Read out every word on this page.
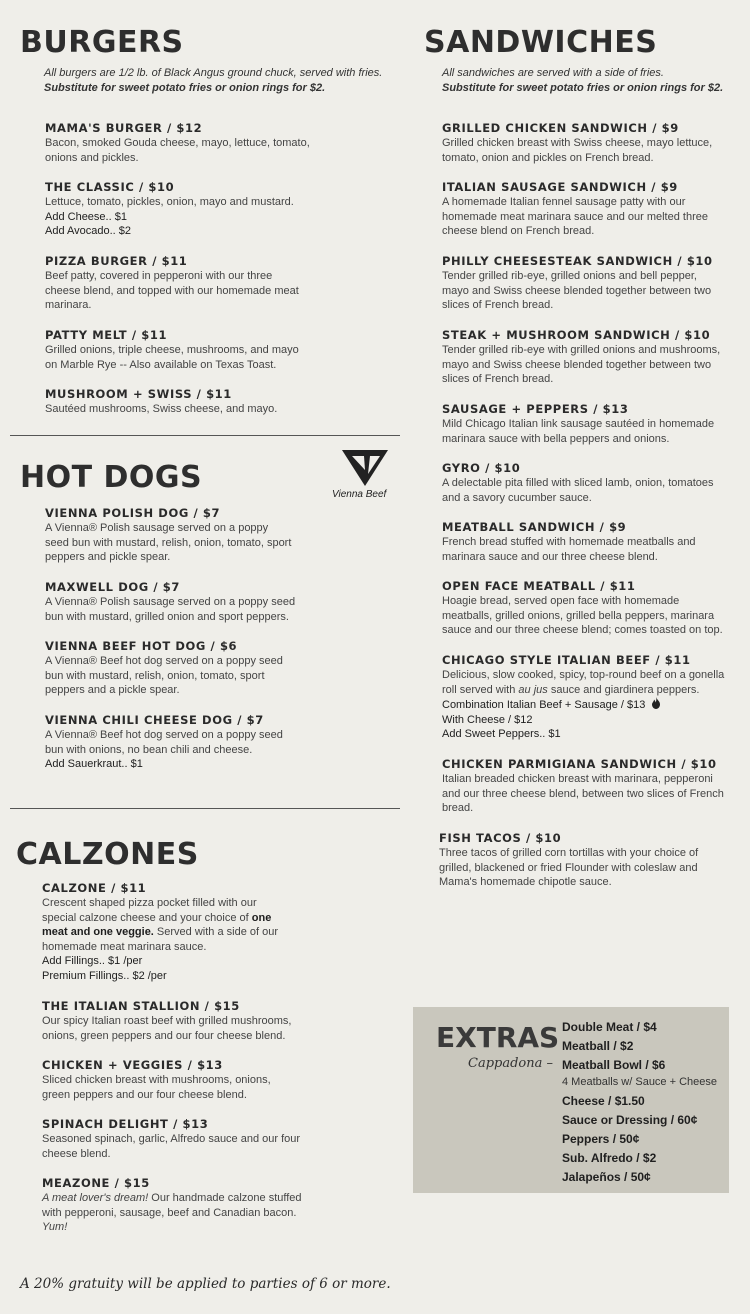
BURGERS
All burgers are 1/2 lb. of Black Angus ground chuck, served with fries.
Substitute for sweet potato fries or onion rings for $2.
MAMA'S BURGER / $12
Bacon, smoked Gouda cheese, mayo, lettuce, tomato, onions and pickles.
THE CLASSIC / $10
Lettuce, tomato, pickles, onion, mayo and mustard.
Add Cheese.. $1
Add Avocado.. $2
PIZZA BURGER / $11
Beef patty, covered in pepperoni with our three cheese blend, and topped with our homemade meat marinara.
PATTY MELT / $11
Grilled onions, triple cheese, mushrooms, and mayo on Marble Rye -- Also available on Texas Toast.
MUSHROOM + SWISS / $11
Sautéed mushrooms, Swiss cheese, and mayo.
HOT DOGS	Vienna Beef
VIENNA POLISH DOG / $7
A Vienna® Polish sausage served on a poppy seed bun with mustard, relish, onion, tomato, sport peppers and pickle spear.
MAXWELL DOG / $7
A Vienna® Polish sausage served on a poppy seed bun with mustard, grilled onion and sport peppers.
VIENNA BEEF HOT DOG / $6
A Vienna® Beef hot dog served on a poppy seed bun with mustard, relish, onion, tomato, sport peppers and a pickle spear.
VIENNA CHILI CHEESE DOG / $7
A Vienna® Beef hot dog served on a poppy seed bun with onions, no bean chili and cheese.
Add Sauerkraut.. $1
CALZONES
CALZONE / $11
Crescent shaped pizza pocket filled with our special calzone cheese and your choice of one meat and one veggie. Served with a side of our homemade meat marinara sauce.
Add Fillings.. $1 /per
Premium Fillings.. $2 /per
THE ITALIAN STALLION / $15
Our spicy Italian roast beef with grilled mushrooms, onions, green peppers and our four cheese blend.
CHICKEN + VEGGIES / $13
Sliced chicken breast with mushrooms, onions, green peppers and our four cheese blend.
SPINACH DELIGHT / $13
Seasoned spinach, garlic, Alfredo sauce and our four cheese blend.
MEAZONE / $15
A meat lover's dream! Our handmade calzone stuffed with pepperoni, sausage, beef and Canadian bacon. Yum!
SANDWICHES
All sandwiches are served with a side of fries.
Substitute for sweet potato fries or onion rings for $2.
GRILLED CHICKEN SANDWICH / $9
Grilled chicken breast with Swiss cheese, mayo lettuce, tomato, onion and pickles on French bread.
ITALIAN SAUSAGE SANDWICH / $9
A homemade Italian fennel sausage patty with our homemade meat marinara sauce and our melted three cheese blend on French bread.
PHILLY CHEESESTEAK SANDWICH / $10
Tender grilled rib-eye, grilled onions and bell pepper, mayo and Swiss cheese blended together between two slices of French bread.
STEAK + MUSHROOM SANDWICH / $10
Tender grilled rib-eye with grilled onions and mushrooms, mayo and Swiss cheese blended together between two slices of French bread.
SAUSAGE + PEPPERS / $13
Mild Chicago Italian link sausage sautéed in homemade marinara sauce with bella peppers and onions.
GYRO / $10
A delectable pita filled with sliced lamb, onion, tomatoes and a savory cucumber sauce.
MEATBALL SANDWICH / $9
French bread stuffed with homemade meatballs and marinara sauce and our three cheese blend.
OPEN FACE MEATBALL / $11
Hoagie bread, served open face with homemade meatballs, grilled onions, grilled bella peppers, marinara sauce and our three cheese blend; comes toasted on top.
CHICAGO STYLE ITALIAN BEEF / $11
Delicious, slow cooked, spicy, top-round beef on a gonella roll served with au jus sauce and giardinera peppers.
Combination Italian Beef + Sausage / $13
With Cheese / $12
Add Sweet Peppers.. $1
CHICKEN PARMIGIANA SANDWICH / $10
Italian breaded chicken breast with marinara, pepperoni and our three cheese blend, between two slices of French bread.
FISH TACOS / $10
Three tacos of grilled corn tortillas with your choice of grilled, blackened or fried Flounder with coleslaw and Mama's homemade chipotle sauce.
EXTRAS
Cappadona –
Double Meat / $4
Meatball / $2
Meatball Bowl / $6
4 Meatballs w/ Sauce + Cheese
Cheese / $1.50
Sauce or Dressing / 60¢
Peppers / 50¢
Sub. Alfredo / $2
Jalapeños / 50¢
A 20% gratuity will be applied to parties of 6 or more.
